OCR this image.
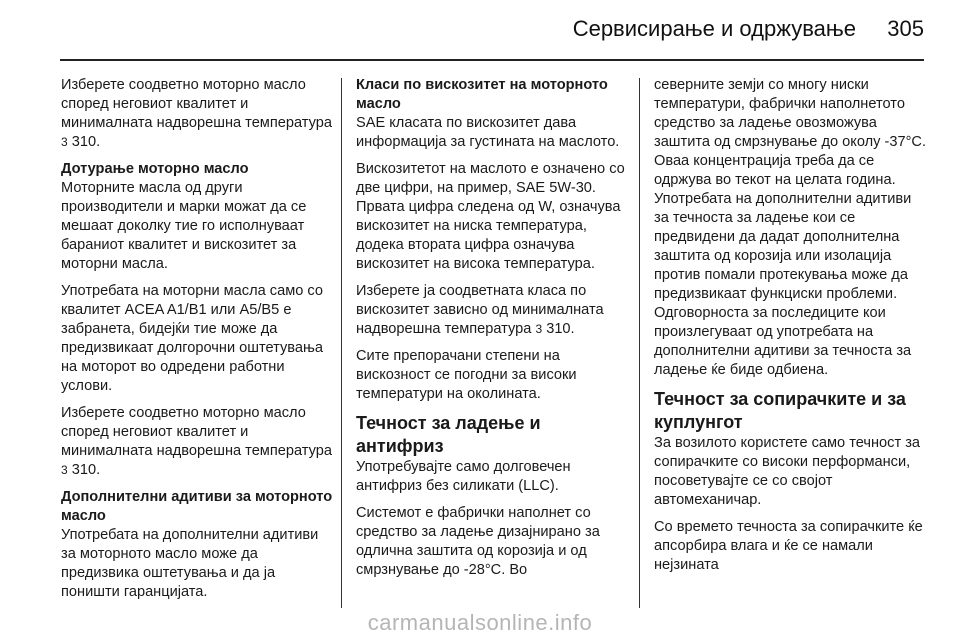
Сервисирање и одржување 305

Изберете соодветно моторно масло според неговиот квалитет и минималната надворешна температура 3 310.

Дотурање моторно масло

Моторните масла од други производители и марки можат да се мешаат доколку тие го исполнуваат бараниот квалитет и вискозитет за моторни масла.

Употребата на моторни масла само со квалитет ACEA A1/B1 или A5/B5 е забранета, бидејќи тие може да предизвикаат долгорочни оштетувања на моторот во одредени работни услови.

Изберете соодветно моторно масло според неговиот квалитет и минималната надворешна температура 3 310.

Дополнителни адитиви за моторното масло

Употребата на дополнителни адитиви за моторното масло може да предизвика оштетувања и да ја поништи гаранцијата.

Класи по вискозитет на моторното масло

SAE класата по вискозитет дава информација за густината на маслото.

Вискозитетот на маслото е означено со две цифри, на пример, SAE 5W-30. Првата цифра следена од W, означува вискозитет на ниска температура, додека втората цифра означува вискозитет на висока температура.

Изберете ја соодветната класа по вискозитет зависно од минималната надворешна температура 3 310.

Сите препорачани степени на вискозност се погодни за високи температури на околината.

Течност за ладење и антифриз

Употребувајте само долговечен антифриз без силикати (LLC).

Системот е фабрички наполнет со средство за ладење дизајнирано за одлична заштита од корозија и од смрзнување до -28°C. Во

северните земји со многу ниски температури, фабрички наполнетото средство за ладење овозможува заштита од смрзнување до околу -37°C. Оваа концентрација треба да се одржува во текот на целата година.

Употребата на дополнителни адитиви за течноста за ладење кои се предвидени да дадат дополнителна заштита од корозија или изолација против помали протекувања може да предизвикаат функциски проблеми. Одговорноста за последиците кои произлегуваат од употребата на дополнителни адитиви за течноста за ладење ќе биде одбиена.

Течност за сопирачките и за куплунгот

За возилото користете само течност за сопирачките со високи перформанси, посоветувајте се со својот автомеханичар.

Со времето течноста за сопирачките ќе апсорбира влага и ќе се намали нејзината

carmanualsonline.info
